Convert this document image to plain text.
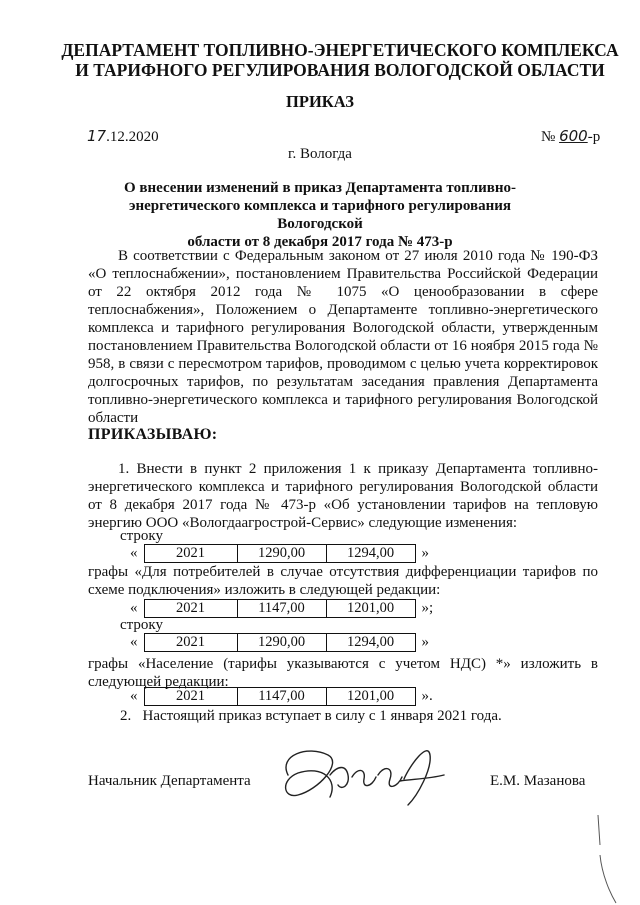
ДЕПАРТАМЕНТ ТОПЛИВНО-ЭНЕРГЕТИЧЕСКОГО КОМПЛЕКСА
И ТАРИФНОГО РЕГУЛИРОВАНИЯ ВОЛОГОДСКОЙ ОБЛАСТИ
ПРИКАЗ
17.12.2020	№ 600-р
г. Вологда
О внесении изменений в приказ Департамента топливно-
энергетического комплекса и тарифного регулирования Вологодской
области от 8 декабря 2017 года № 473-р
В соответствии с Федеральным законом от 27 июля 2010 года № 190-ФЗ «О теплоснабжении», постановлением Правительства Российской Федерации от 22 октября 2012 года № 1075 «О ценообразовании в сфере теплоснабжения», Положением о Департаменте топливно-энергетического комплекса и тарифного регулирования Вологодской области, утвержденным постановлением Правительства Вологодской области от 16 ноября 2015 года № 958, в связи с пересмотром тарифов, проводимом с целью учета корректировок долгосрочных тарифов, по результатам заседания правления Департамента топливно-энергетического комплекса и тарифного регулирования Вологодской области
ПРИКАЗЫВАЮ:
1. Внести в пункт 2 приложения 1 к приказу Департамента топливно-энергетического комплекса и тарифного регулирования Вологодской области от 8 декабря 2017 года № 473-р «Об установлении тарифов на тепловую энергию ООО «Вологдаагрострой-Сервис» следующие изменения:
строку
«	2021	1290,00	1294,00 »
графы «Для потребителей в случае отсутствия дифференциации тарифов по схеме подключения» изложить в следующей редакции:
«	2021	1147,00	1201,00 »;
строку
«	2021	1290,00	1294,00 »
графы «Население (тарифы указываются с учетом НДС) *» изложить в следующей редакции:
«	2021	1147,00	1201,00 ».
2.   Настоящий приказ вступает в силу с 1 января 2021 года.
Начальник Департамента	Е.М. Мазанова
